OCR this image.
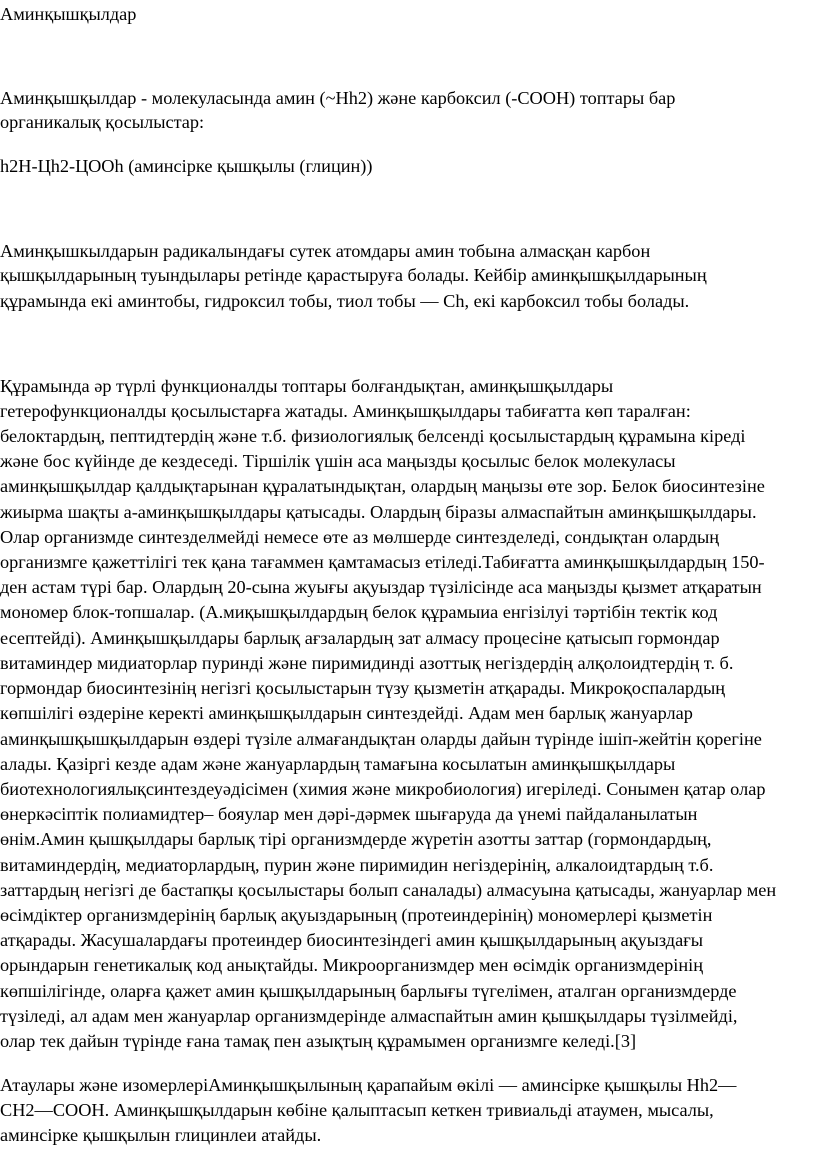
Аминқышқылдар

Аминқышқылдар - молекуласында амин (~Нһ2) және карбоксил (-СООН) топтары бар

органикалық қосылыстар:

һ2Н-Цһ2-ЦООһ (аминсірке қышқылы (глицин))

Аминқышкылдарын радикалындағы сутек атомдары амин тобына алмасқан карбон

қышқылдарының туындылары ретінде қарастыруға болады. Кейбір аминқышқылдарының

құрамында екі аминтобы, гидроксил тобы, тиол тобы — Сһ, екі карбоксил тобы болады.

Құрамында әр түрлі функционалды топтары болғандықтан, аминқышқылдары

гетерофункционалды қосылыстарға жатады. Аминқышқылдары табиғатта көп таралған:

белоктардың, пептидтердің және т.б. физиологиялық белсенді қосылыстардың құрамына кіреді

және бос күйінде де кездеседі. Тіршілік үшін аса маңызды қосылыс белок молекуласы

аминқышқылдар қалдықтарынан құралатындықтан, олардың маңызы өте зор. Белок биосинтезіне

жиырма шақты а-аминқышқылдары қатысады. Олардың біразы алмаспайтын аминқышқылдары.

Олар организмде синтезделмейді немесе өте аз мөлшерде синтезделеді, сондықтан олардың

организмге қажеттілігі тек қана тағаммен қамтамасыз етіледі.Табиғатта аминқышқылдардың 150-

ден астам түрі бар. Олардың 20-сына жуығы ақуыздар түзілісінде аса маңызды қызмет атқаратын

мономер блок-топшалар. (А.миқышқылдардың белок құрамыиа енгізілуі тәртібін тектік код

есептейді). Аминқышқылдары барлық ағзалардың зат алмасу процесіне қатысып гормондар

витаминдер мидиаторлар пуринді және пиримидинді азоттық негіздердің алқолоидтердің т. б.

гормондар биосинтезінің негізгі қосылыстарын түзу қызметін атқарады. Микроқоспалардың

көпшілігі өздеріне керекті аминқышқылдарын синтездейді. Адам мен барлық жануарлар

аминқышқышқылдарын өздері түзіле алмағандықтан оларды дайын түрінде ішіп-жейтін қорегіне

алады. Қазіргі кезде адам және жануарлардың тамағына косылатын аминқышқылдары

биотехнологиялықсинтездеуәдісімен (химия және микробиология) игеріледі. Сонымен қатар олар

өнеркәсіптік полиамидтер– бояулар мен дәрі-дәрмек шығаруда да үнемі пайдаланылатын

өнім.Амин қышқылдары барлық тірі организмдерде жүретін азотты заттар (гормондардың,

витаминдердің, медиаторлардың, пурин және пиримидин негіздерінің, алкалоидтардың т.б.

заттардың негізгі де бастапқы қосылыстары болып саналады) алмасуына қатысады, жануарлар мен

өсімдіктер организмдерінің барлық ақуыздарының (протеиндерінің) мономерлері қызметін

атқарады. Жасушалардағы протеиндер биосинтезіндегі амин қышқылдарының ақуыздағы

орындарын генетикалық код анықтайды. Микроорганизмдер мен өсімдік организмдерінің

көпшілігінде, оларға қажет амин қышқылдарының барлығы түгелімен, аталган организмдерде

түзіледі, ал адам мен жануарлар организмдерінде алмаспайтын амин қышқылдары түзілмейді,

олар тек дайын түрінде ғана тамақ пен азықтың құрамымен организмге келеді.[3]

Атаулары және изомерлеріАминқышқылының қарапайым өкілі — аминсірке қышқылы Нһ2—

СН2—СООН. Аминқышқылдарын көбіне қалыптасып кеткен тривиальді атаумен, мысалы,

аминсірке қышқылын глицинлеи атайды.
